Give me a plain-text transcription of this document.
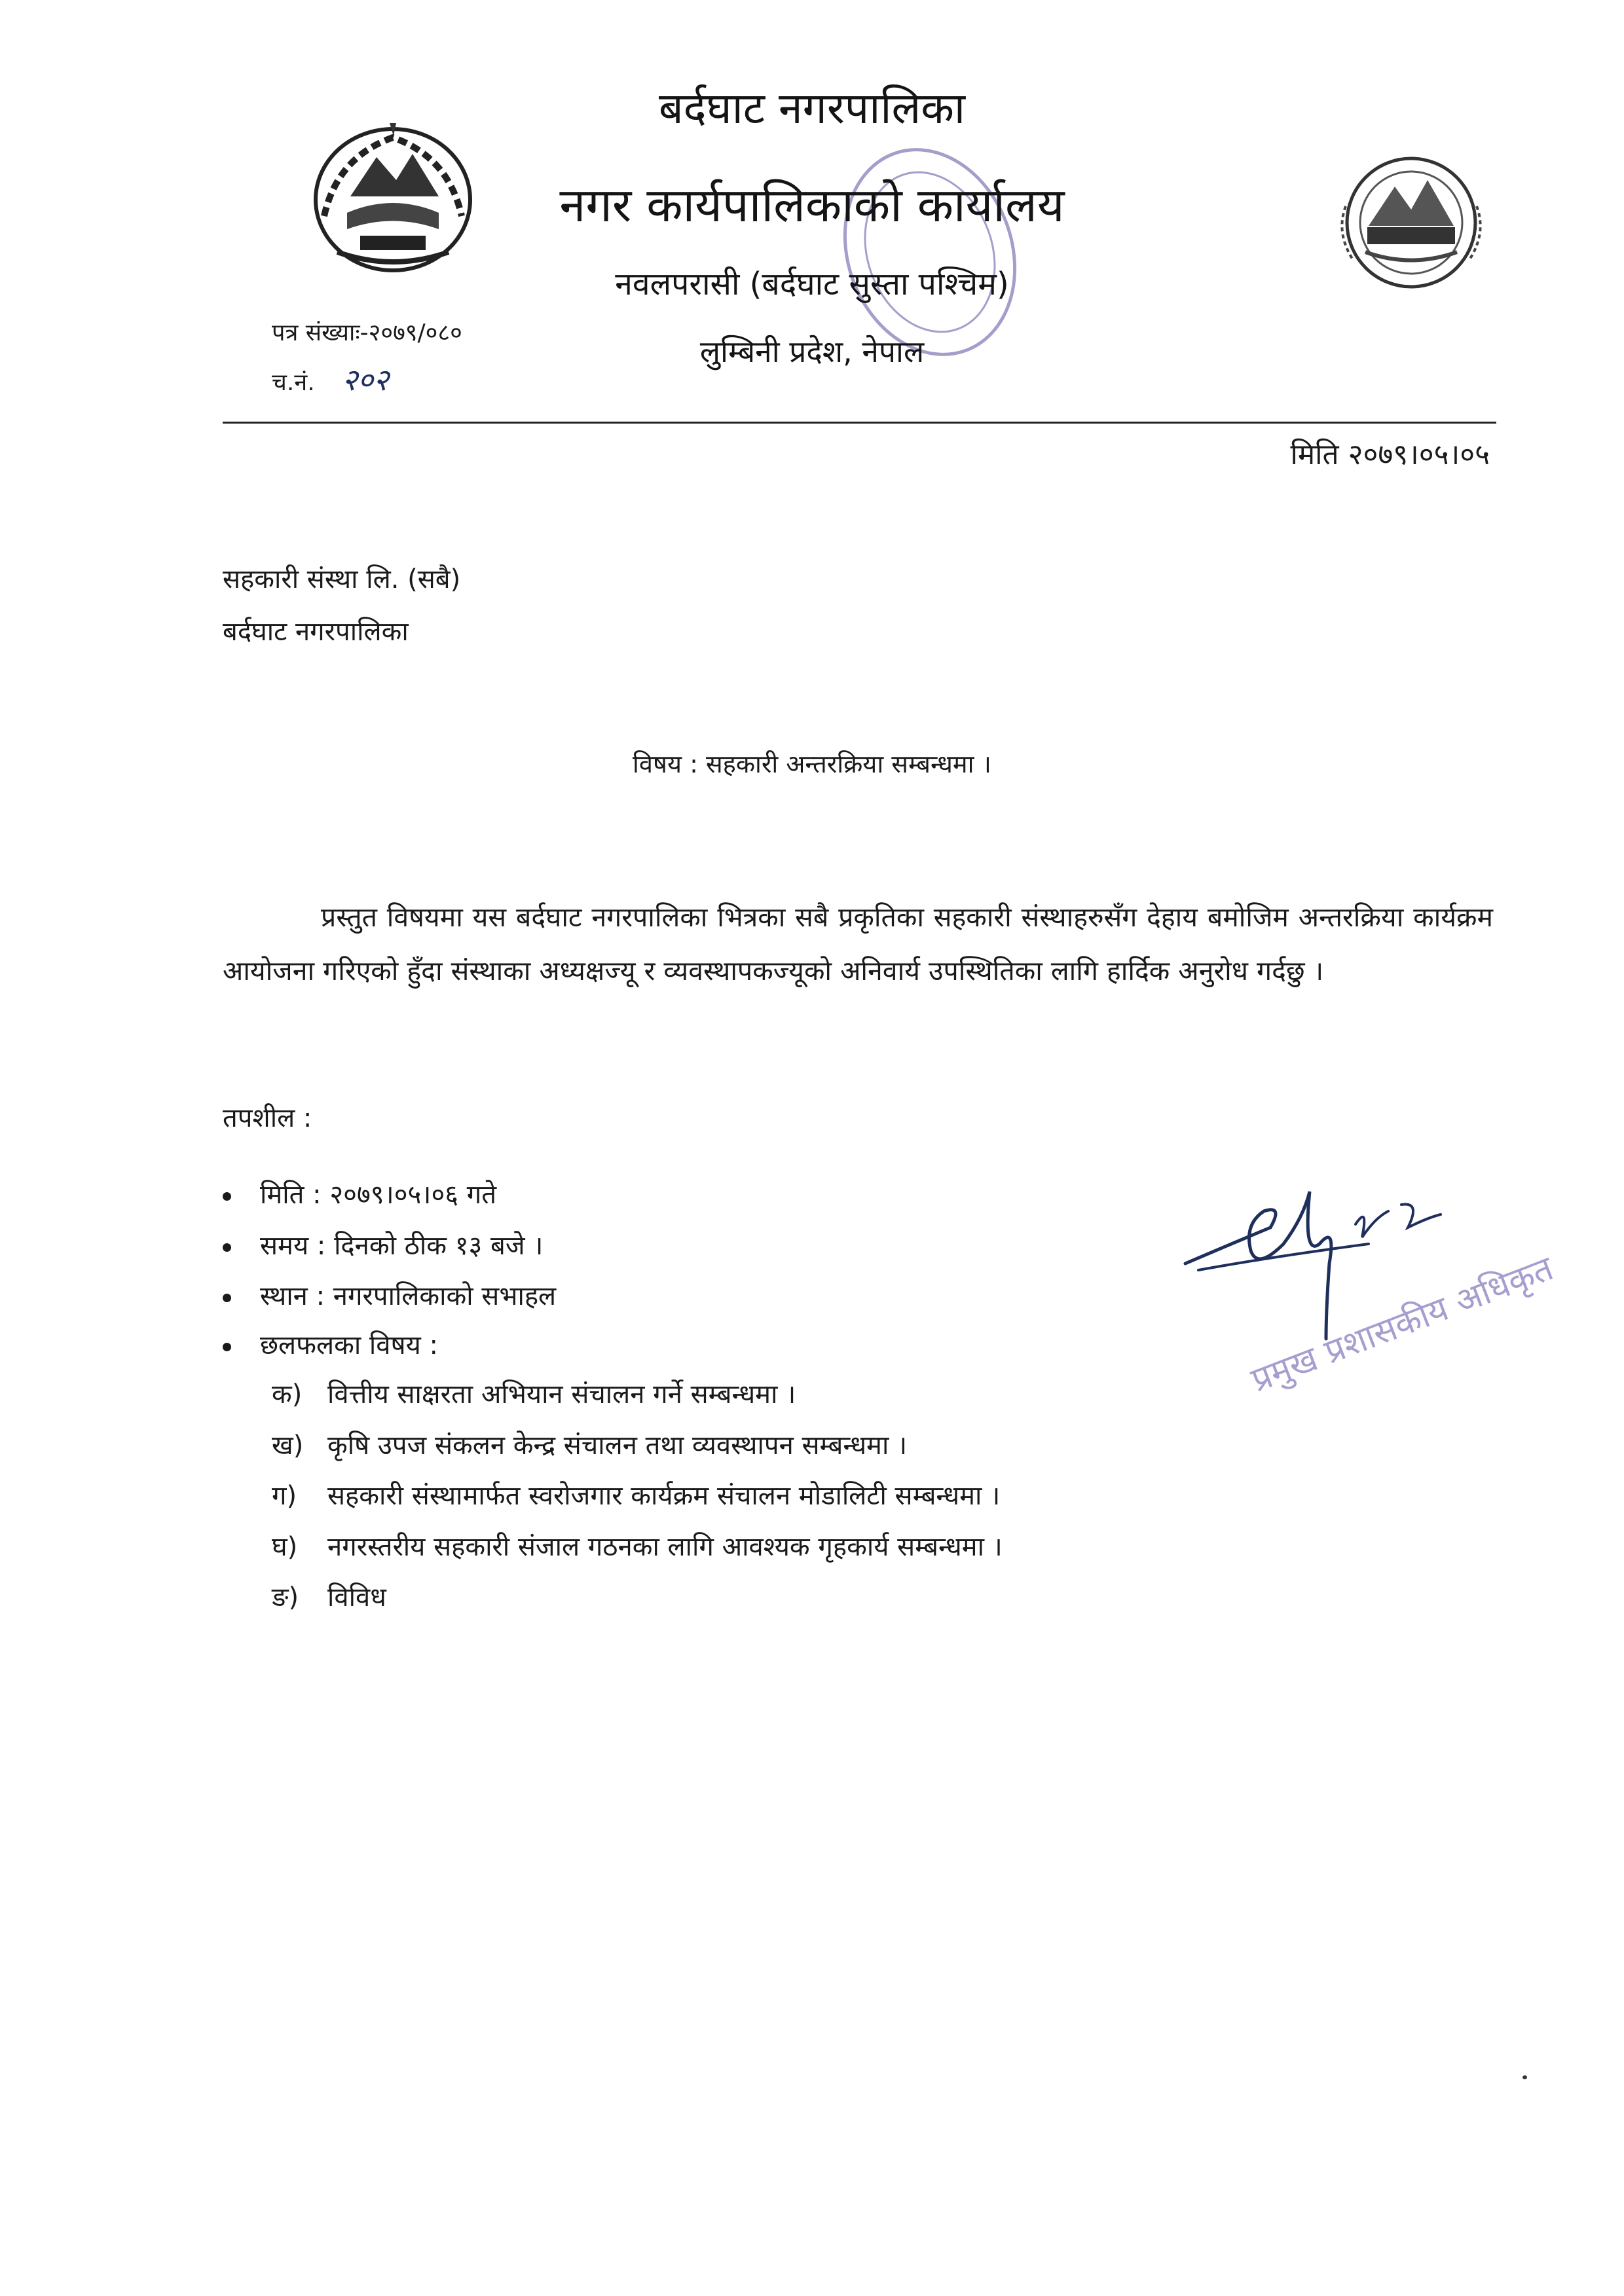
बर्दघाट नगरपालिका
नगर कार्यपालिकाको कार्यालय
नवलपरासी (बर्दघाट सुस्ता पश्चिम)
लुम्बिनी प्रदेश, नेपाल
पत्र संख्याः-२०७९/०८०
च.नं. २०२
मिति २०७९।०५।०५
सहकारी संस्था लि. (सबै)
बर्दघाट नगरपालिका
विषय : सहकारी अन्तरक्रिया सम्बन्धमा ।

प्रस्तुत विषयमा यस बर्दघाट नगरपालिका भित्रका सबै प्रकृतिका सहकारी संस्थाहरुसँग देहाय बमोजिम अन्तरक्रिया कार्यक्रम आयोजना गरिएको हुँदा संस्थाका अध्यक्षज्यू र व्यवस्थापकज्यूको अनिवार्य उपस्थितिका लागि हार्दिक अनुरोध गर्दछु ।

तपशील :
मिति : २०७९।०५।०६ गते
समय : दिनको ठीक १३ बजे ।
स्थान : नगरपालिकाको सभाहल
छलफलका विषय :
क) वित्तीय साक्षरता अभियान संचालन गर्ने सम्बन्धमा ।
ख) कृषि उपज संकलन केन्द्र संचालन तथा व्यवस्थापन सम्बन्धमा ।
ग) सहकारी संस्थामार्फत स्वरोजगार कार्यक्रम संचालन मोडालिटी सम्बन्धमा ।
घ) नगरस्तरीय सहकारी संजाल गठनका लागि आवश्यक गृहकार्य सम्बन्धमा ।
ङ) विविध
प्रमुख प्रशासकीय अधिकृत
